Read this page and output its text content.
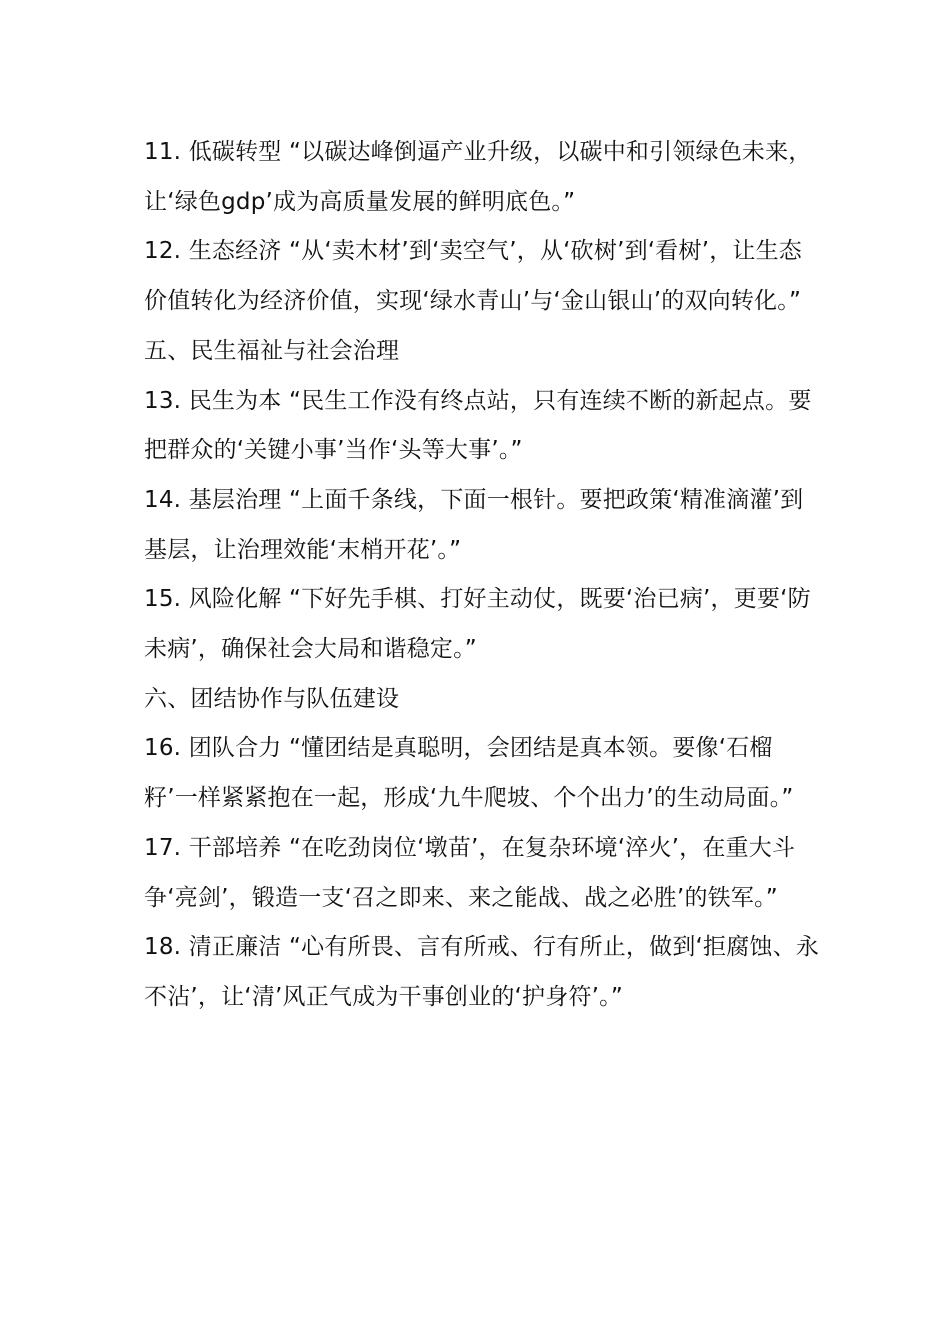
11. 低碳转型 “以碳达峰倒逼产业升级，以碳中和引领绿色未来，让‘绿色gdp’成为高质量发展的鲜明底色。”

12. 生态经济 “从‘卖木材’到‘卖空气’，从‘砍树’到‘看树’，让生态价值转化为经济价值，实现‘绿水青山’与‘金山银山’的双向转化。”

五、民生福祉与社会治理

13. 民生为本 “民生工作没有终点站，只有连续不断的新起点。要把群众的‘关键小事’当作‘头等大事’。”

14. 基层治理 “上面千条线，下面一根针。要把政策‘精准滴灌’到基层，让治理效能‘末梢开花’。”

15. 风险化解 “下好先手棋、打好主动仗，既要‘治已病’，更要‘防未病’，确保社会大局和谐稳定。”

六、团结协作与队伍建设

16. 团队合力 “懂团结是真聪明，会团结是真本领。要像‘石榴籽’一样紧紧抱在一起，形成‘九牛爬坡、个个出力’的生动局面。”

17. 干部培养 “在吃劲岗位‘墩苗’，在复杂环境‘淬火’，在重大斗争‘亮剑’，锻造一支‘召之即来、来之能战、战之必胜’的铁军。”

18. 清正廉洁 “心有所畏、言有所戒、行有所止，做到‘拒腐蚀、永不沾’，让‘清’风正气成为干事创业的‘护身符’。”
